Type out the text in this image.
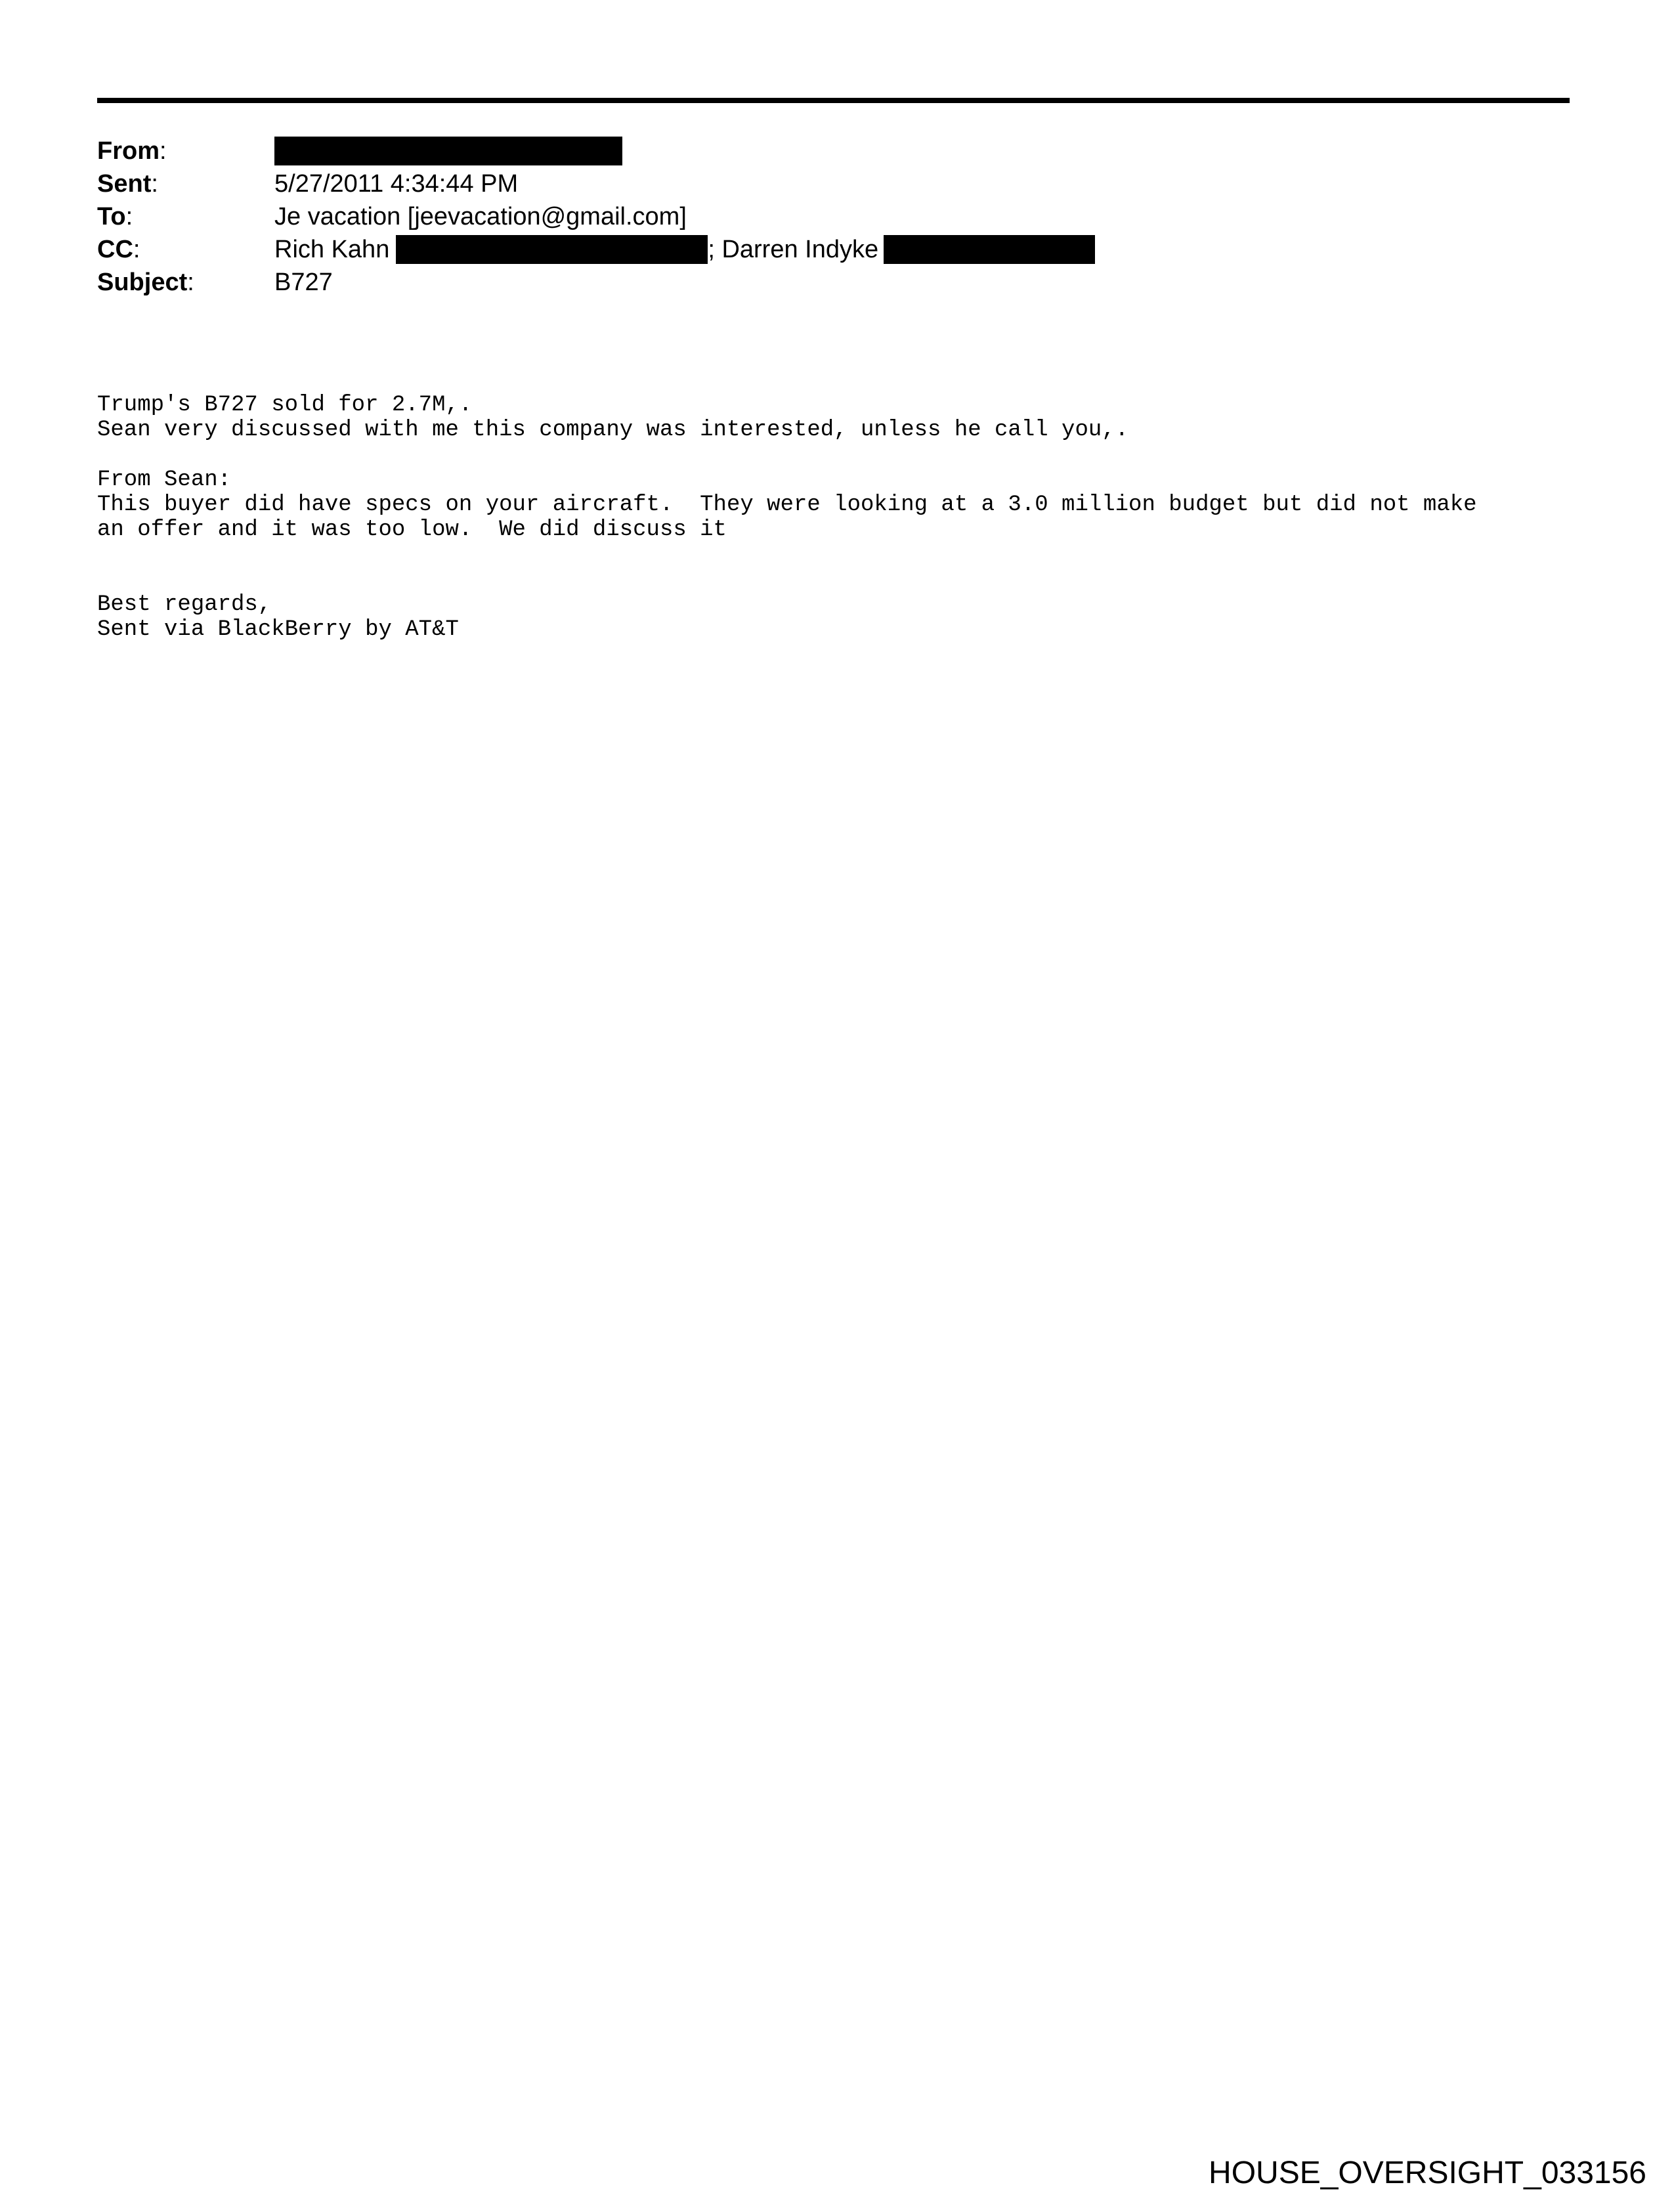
From:
Sent:	5/27/2011 4:34:44 PM
To:	Je vacation [jeevacation@gmail.com]
CC:	Rich Kahn	; Darren Indyke
Subject:	B727
Trump's B727 sold for 2.7M,.
Sean very discussed with me this company was interested, unless he call you,.
From Sean:
This buyer did have specs on your aircraft.  They were looking at a 3.0 million budget but did not make
an offer and it was too low.  We did discuss it
Best regards,
Sent via BlackBerry by AT&T
HOUSE_OVERSIGHT_033156
